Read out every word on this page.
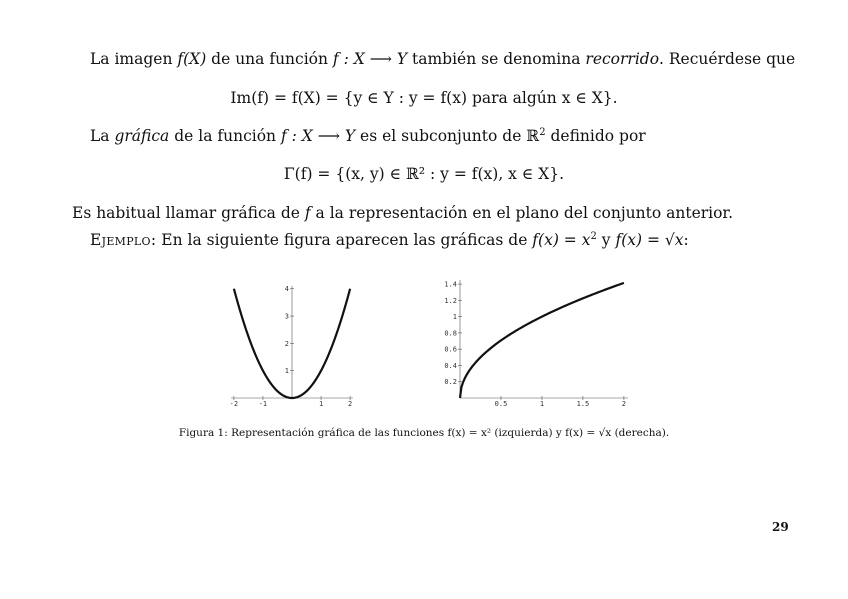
La imagen f(X) de una función f : X ⟶ Y también se denomina recorrido. Recuérdese que
Im(f) = f(X) = {y ∈ Y : y = f(x) para algún x ∈ X}.
La gráfica de la función f : X ⟶ Y es el subconjunto de ℝ$^2$ definido por
Γ(f) = {(x, y) ∈ ℝ² : y = f(x), x ∈ X}.
Es habitual llamar gráfica de f a la representación en el plano del conjunto anterior.
Ejemplo: En la siguiente figura aparecen las gráficas de $f(x) = x^2$ y f(x) = √x:
-2	-1	1	2
1
2
3
4
0.5	1	1.5	2
0.2
0.4
0.6
0.8
1
1.2
1.4
Figura 1: Representación gráfica de las funciones f(x) = x² (izquierda) y f(x) = √x (derecha).
29
